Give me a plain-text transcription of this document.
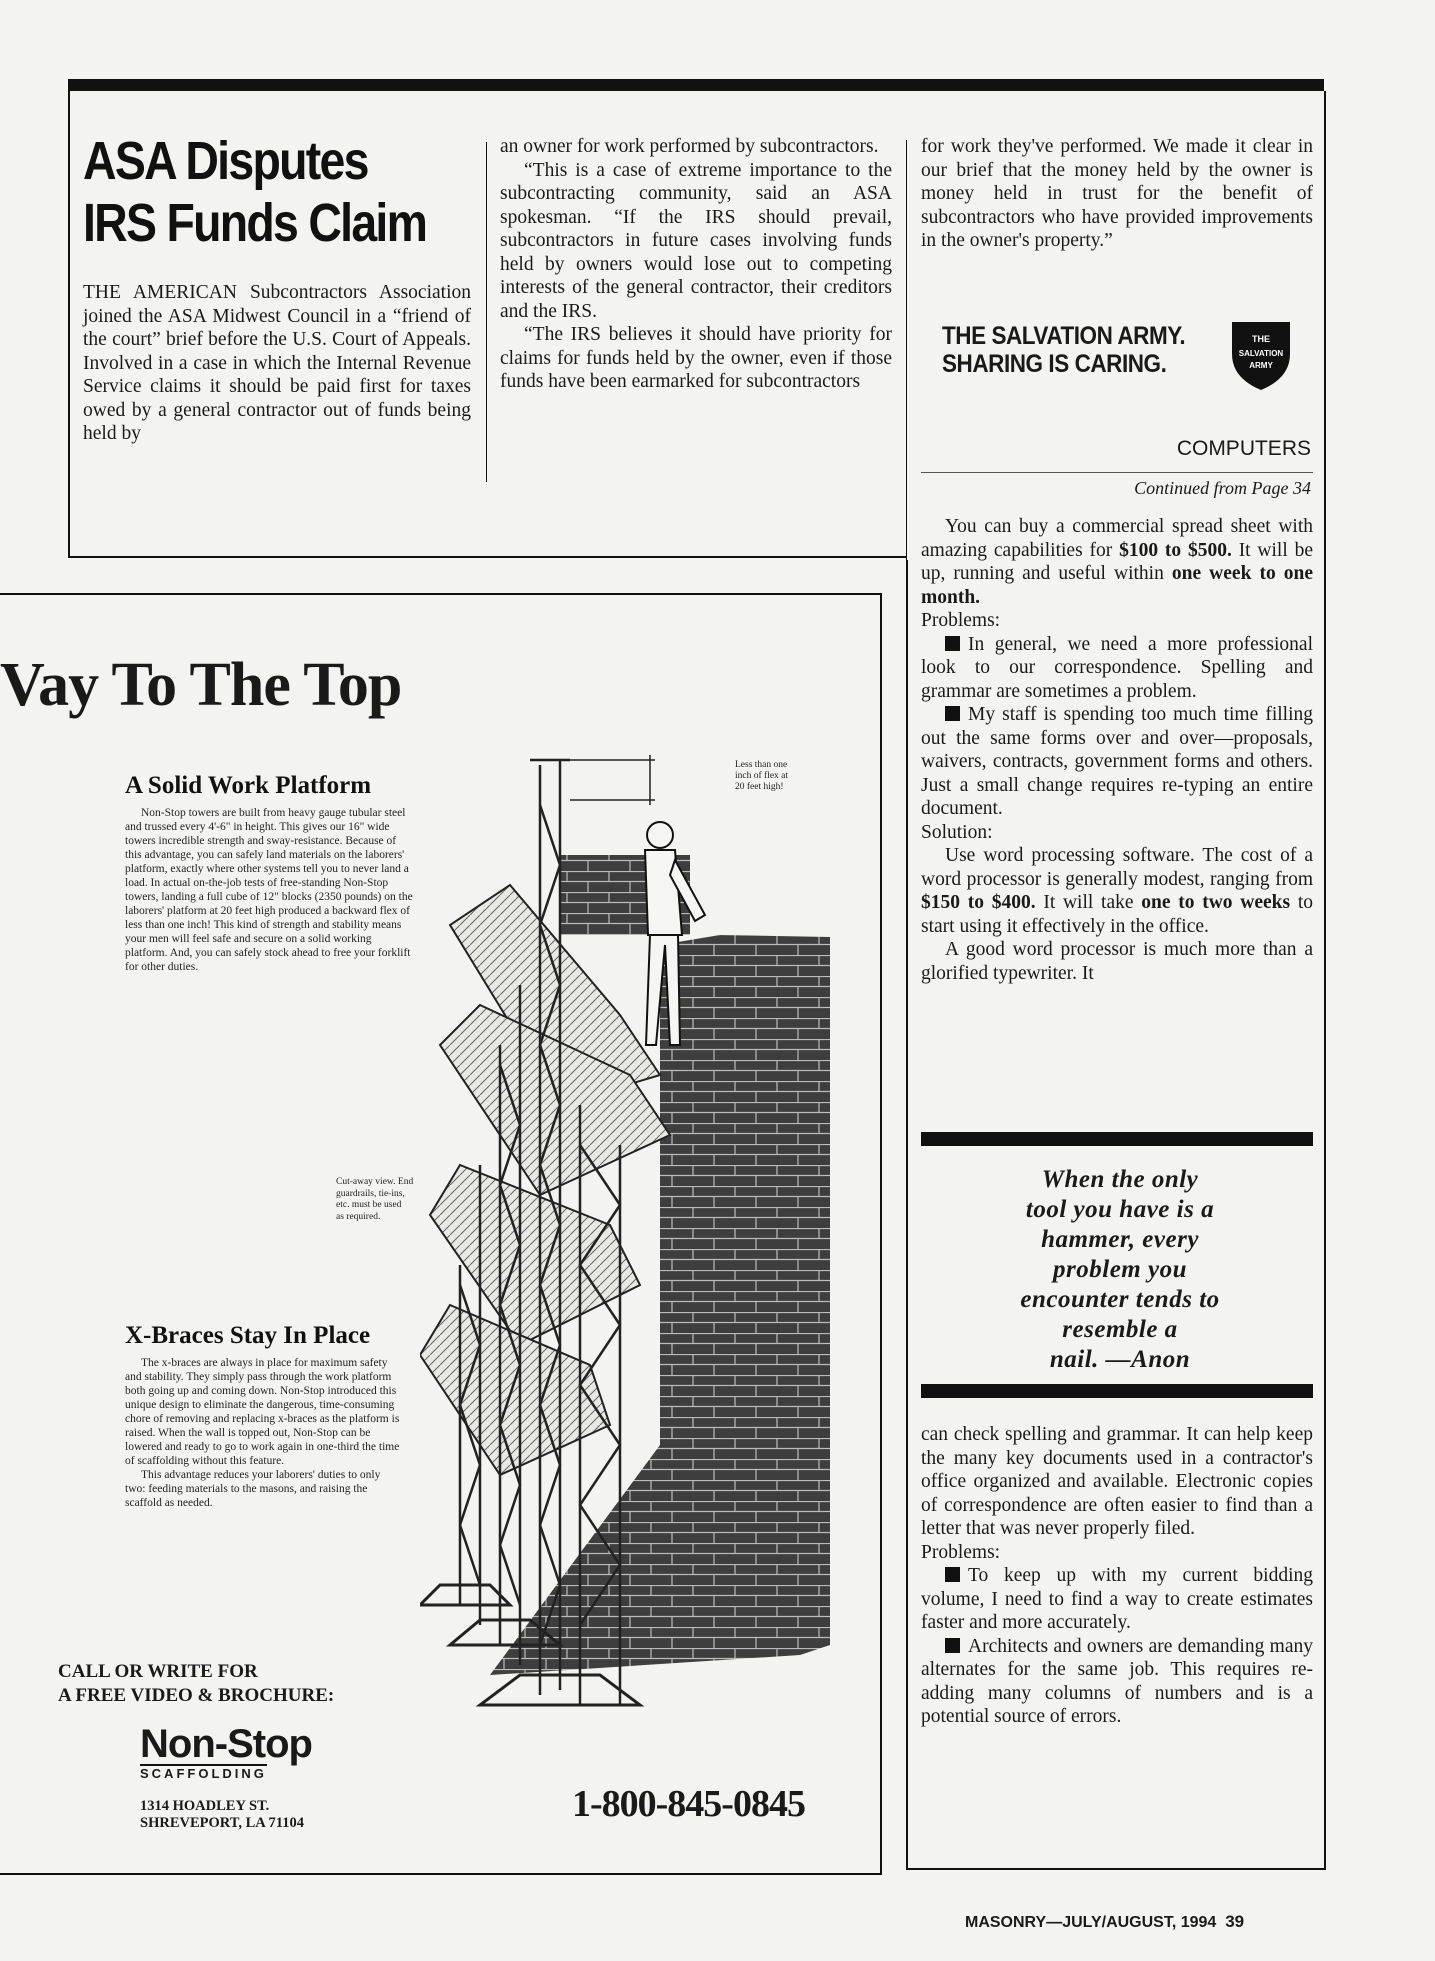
ASA Disputes
IRS Funds Claim

THE AMERICAN Subcontractors Association joined the ASA Midwest Council in a “friend of the court” brief before the U.S. Court of Appeals. Involved in a case in which the Internal Revenue Service claims it should be paid first for taxes owed by a general contractor out of funds being held by

an owner for work performed by subcontractors.

“This is a case of extreme importance to the subcontracting community, said an ASA spokesman. “If the IRS should prevail, subcontractors in future cases involving funds held by owners would lose out to competing interests of the general contractor, their creditors and the IRS.

“The IRS believes it should have priority for claims for funds held by the owner, even if those funds have been earmarked for subcontractors

for work they've performed. We made it clear in our brief that the money held by the owner is money held in trust for the benefit of subcontractors who have provided improvements in the owner's property.”

THE SALVATION ARMY.
SHARING IS CARING.
THE
SALVATION
ARMY
COMPUTERS
Continued from Page 34

You can buy a commercial spread sheet with amazing capabilities for $100 to $500. It will be up, running and useful within one week to one month.

Problems:

In general, we need a more professional look to our correspondence. Spelling and grammar are sometimes a problem.

My staff is spending too much time filling out the same forms over and over—proposals, waivers, contracts, government forms and others. Just a small change requires re-typing an entire document.

Solution:

Use word processing software. The cost of a word processor is generally modest, ranging from $150 to $400. It will take one to two weeks to start using it effectively in the office.

A good word processor is much more than a glorified typewriter. It

When the only
tool you have is a
hammer, every
problem you
encounter tends to
resemble a
nail. —Anon

can check spelling and grammar. It can help keep the many key documents used in a contractor's office organized and available. Electronic copies of correspondence are often easier to find than a letter that was never properly filed.

Problems:

To keep up with my current bidding volume, I need to find a way to create estimates faster and more accurately.

Architects and owners are demanding many alternates for the same job. This requires re-adding many columns of numbers and is a potential source of errors.

Vay To The Top
A Solid Work Platform

Non-Stop towers are built from heavy gauge tubular steel and trussed every 4'-6" in height. This gives our 16" wide towers incredible strength and sway-resistance. Because of this advantage, you can safely land materials on the laborers' platform, exactly where other systems tell you to never land a load. In actual on-the-job tests of free-standing Non-Stop towers, landing a full cube of 12" blocks (2350 pounds) on the laborers' platform at 20 feet high produced a backward flex of less than one inch! This kind of strength and stability means your men will feel safe and secure on a solid working platform. And, you can safely stock ahead to free your forklift for other duties.

X-Braces Stay In Place

The x-braces are always in place for maximum safety and stability. They simply pass through the work platform both going up and coming down. Non-Stop introduced this unique design to eliminate the dangerous, time-consuming chore of removing and replacing x-braces as the platform is raised. When the wall is topped out, Non-Stop can be lowered and ready to go to work again in one-third the time of scaffolding without this feature.

This advantage reduces your laborers' duties to only two: feeding materials to the masons, and raising the scaffold as needed.

Less than one
inch of flex at
20 feet high!
Cut-away view. End
guardrails, tie-ins,
etc. must be used
as required.
CALL OR WRITE FOR
A FREE VIDEO & BROCHURE:
Non-Stop
SCAFFOLDING
1314 HOADLEY ST.
SHREVEPORT, LA 71104	1-800-845-0845
MASONRY—JULY/AUGUST, 1994 39
